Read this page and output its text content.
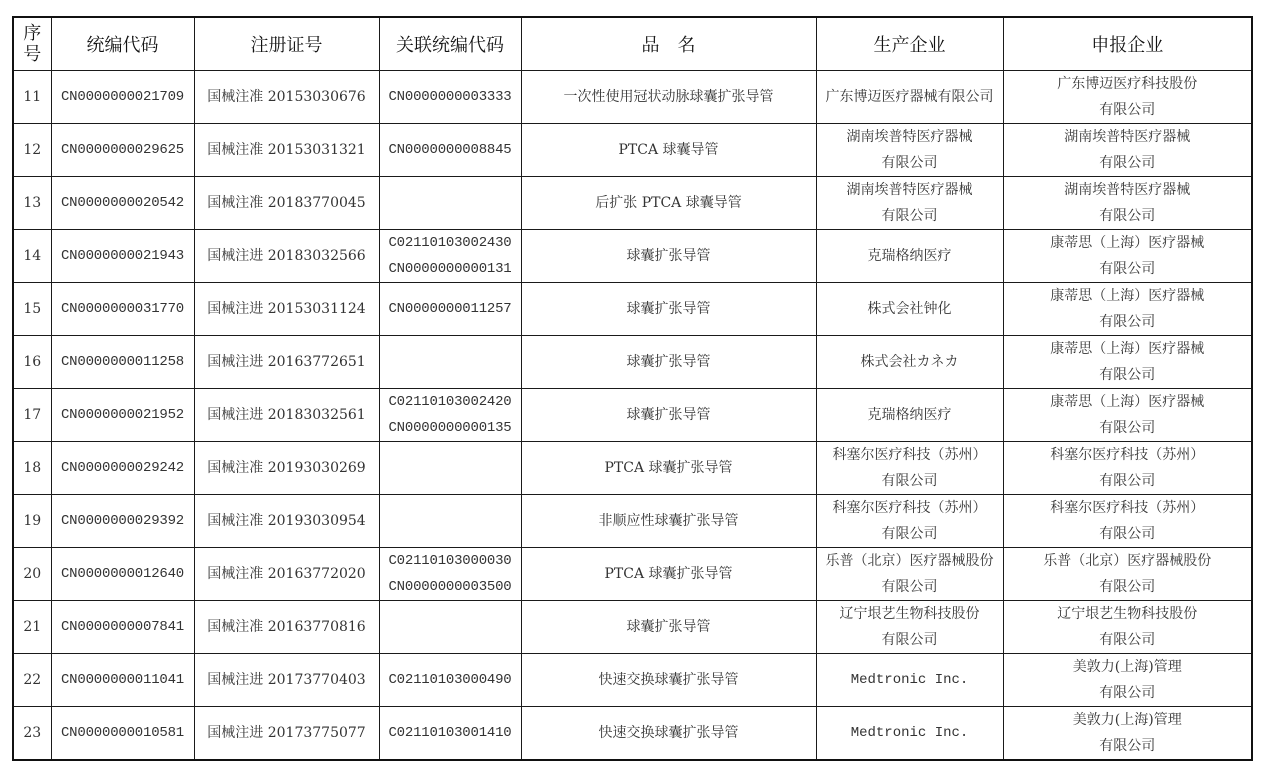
序
号	统编代码	注册证号	关联统编代码	品　名	生产企业	申报企业
11	CN0000000021709	国械注准 20153030676	CN0000000003333	一次性使用冠状动脉球囊扩张导管	广东博迈医疗器械有限公司	广东博迈医疗科技股份
有限公司

12	CN0000000029625	国械注准 20153031321	CN0000000008845	PTCA 球囊导管	湖南埃普特医疗器械
有限公司	湖南埃普特医疗器械
有限公司

13	CN0000000020542	国械注准 20183770045		后扩张 PTCA 球囊导管	湖南埃普特医疗器械
有限公司	湖南埃普特医疗器械
有限公司

14	CN0000000021943	国械注进 20183032566	C02110103002430
CN0000000000131	球囊扩张导管	克瑞格纳医疗	康蒂思（上海）医疗器械
有限公司

15	CN0000000031770	国械注进 20153031124	CN0000000011257	球囊扩张导管	株式会社钟化	康蒂思（上海）医疗器械
有限公司

16	CN0000000011258	国械注进 20163772651		球囊扩张导管	株式会社カネカ	康蒂思（上海）医疗器械
有限公司

17	CN0000000021952	国械注进 20183032561	C02110103002420
CN0000000000135	球囊扩张导管	克瑞格纳医疗	康蒂思（上海）医疗器械
有限公司

18	CN0000000029242	国械注准 20193030269		PTCA 球囊扩张导管	科塞尔医疗科技（苏州）
有限公司	科塞尔医疗科技（苏州）
有限公司

19	CN0000000029392	国械注准 20193030954		非顺应性球囊扩张导管	科塞尔医疗科技（苏州）
有限公司	科塞尔医疗科技（苏州）
有限公司

20	CN0000000012640	国械注准 20163772020	C02110103000030
CN0000000003500	PTCA 球囊扩张导管	乐普（北京）医疗器械股份
有限公司	乐普（北京）医疗器械股份
有限公司

21	CN0000000007841	国械注准 20163770816		球囊扩张导管	辽宁垠艺生物科技股份
有限公司	辽宁垠艺生物科技股份
有限公司

22	CN0000000011041	国械注进 20173770403	C02110103000490	快速交换球囊扩张导管	Medtronic Inc.	美敦力(上海)管理
有限公司

23	CN0000000010581	国械注进 20173775077	C02110103001410	快速交换球囊扩张导管	Medtronic Inc.	美敦力(上海)管理
有限公司
